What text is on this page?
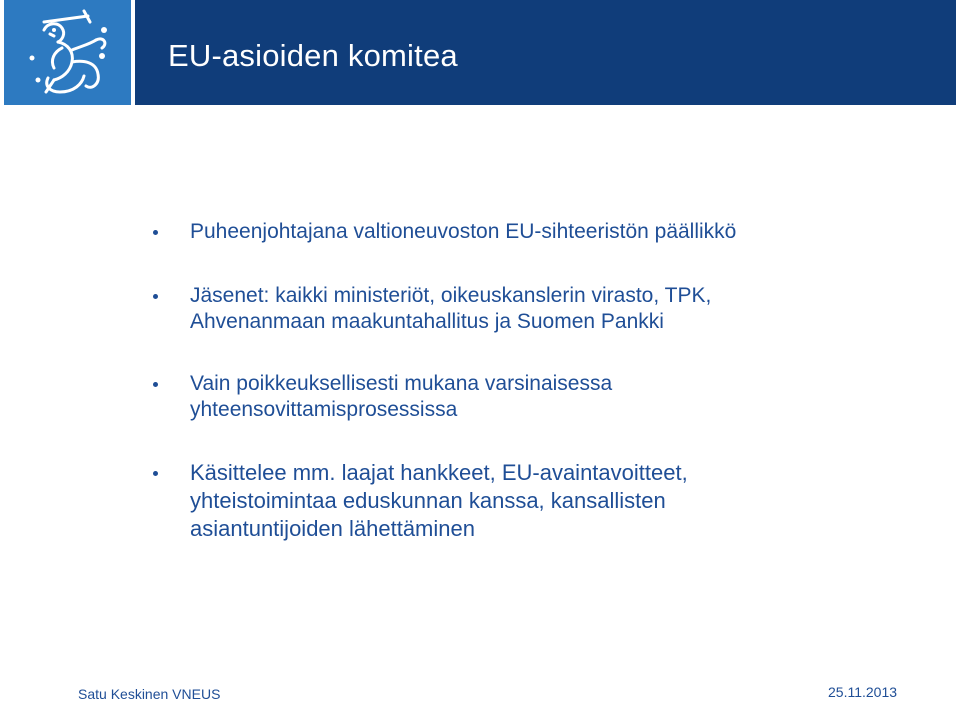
EU-asioiden komitea
Puheenjohtajana valtioneuvoston EU-sihteeristön päällikkö
Jäsenet: kaikki ministeriöt, oikeuskanslerin virasto, TPK,
Ahvenanmaan maakuntahallitus ja Suomen Pankki
Vain poikkeuksellisesti mukana varsinaisessa
yhteensovittamisprosessissa
Käsittelee mm. laajat hankkeet, EU-avaintavoitteet,
yhteistoimintaa eduskunnan kanssa, kansallisten
asiantuntijoiden lähettäminen
Satu Keskinen VNEUS	25.11.2013
